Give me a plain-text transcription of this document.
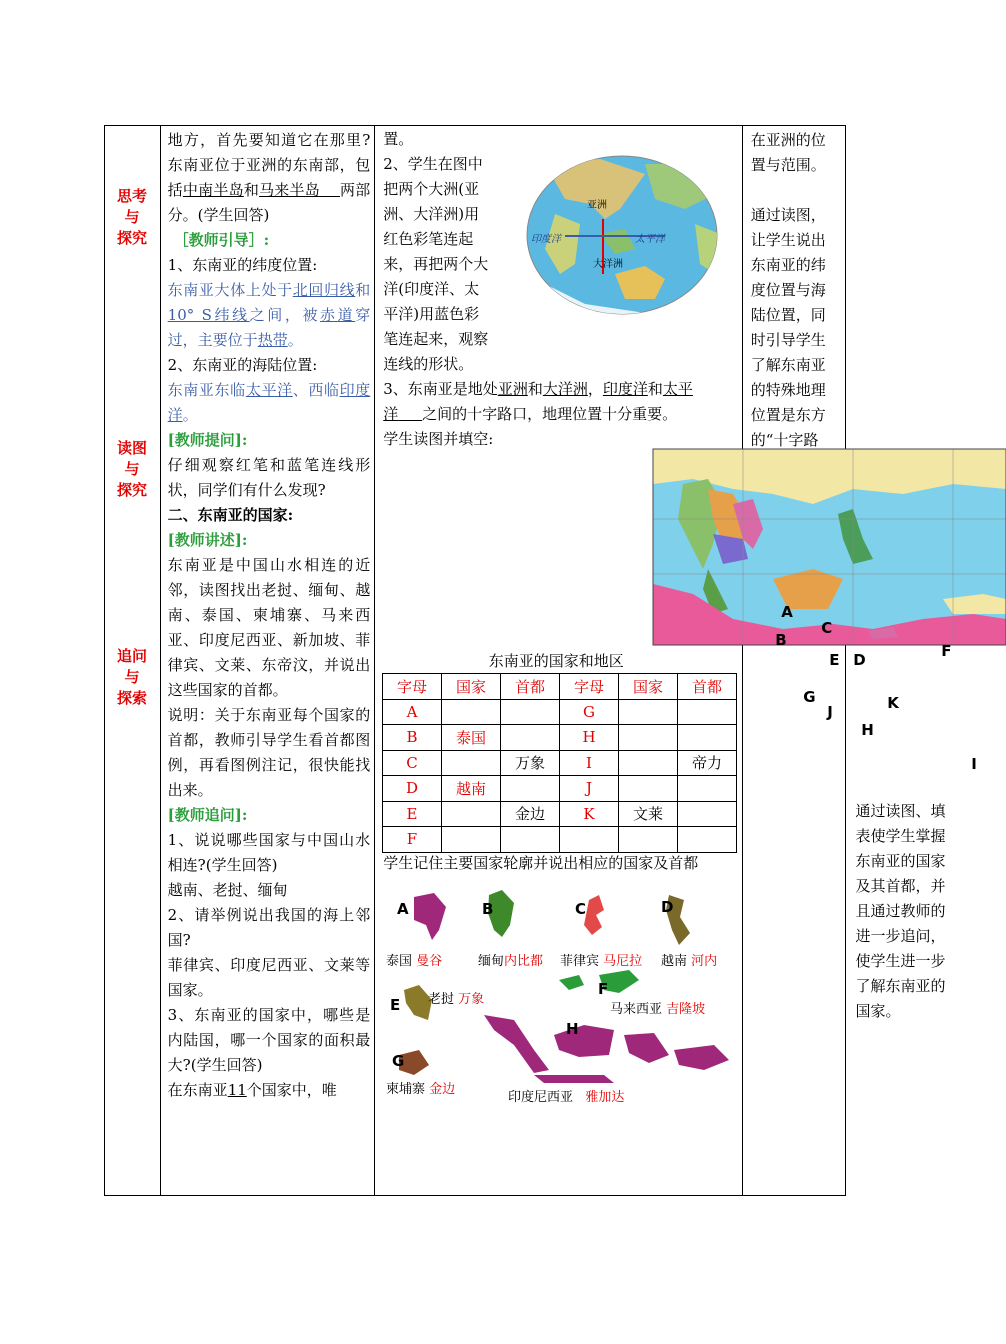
思考
与
探究
读图
与
探究
追问
与
探索

地方，首先要知道它在那里?东南亚位于亚洲的东南部，包括中南半岛和马来半岛 两部分。(学生回答)

［教师引导］:

1、东南亚的纬度位置:

东南亚大体上处于北回归线和10° S纬线之间，被赤道穿过，主要位于热带。

2、东南亚的海陆位置:

东南亚东临太平洋、西临印度洋。

[教师提问]:

仔细观察红笔和蓝笔连线形状，同学们有什么发现?

二、东南亚的国家:

[教师讲述]:

东南亚是中国山水相连的近邻，读图找出老挝、缅甸、越南、泰国、柬埔寨、马来西亚、印度尼西亚、新加坡、菲律宾、文莱、东帝汶，并说出这些国家的首都。

说明：关于东南亚每个国家的首都，教师引导学生看首都图例，再看图例注记，很快能找出来。

[教师追问]:

1、说说哪些国家与中国山水相连?(学生回答)

越南、老挝、缅甸

2、请举例说出我国的海上邻国?

菲律宾、印度尼西亚、文莱等国家。

3、东南亚的国家中，哪些是内陆国，哪一个国家的面积最大?(学生回答)

在东南亚11个国家中，唯

置。
2、学生在图中
把两个大洲(亚
洲、大洋洲)用
红色彩笔连起
来，再把两个大
洋(印度洋、太
平洋)用蓝色彩
笔连起来，观察
连线的形状。
亚洲
印度洋	太平洋
大洋洲
3、东南亚是地处亚洲和大洋洲，印度洋和太平洋 之间的十字路口，地理位置十分重要。
学生读图并填空:
A
B
C
D
E	F
G
H
I
J	K
东南亚的国家和地区
学生记住主要国家轮廓并说出相应的国家及首都

在亚洲的位置与范围。
通过读图，让学生说出东南亚的纬度位置与海陆位置，同时引导学生了解东南亚的特殊地理位置是东方的“十字路
通过读图、填表使学生掌握东南亚的国家及其首都，并且通过教师的进一步追问，使学生进一步了解东南亚的国家。
字母	国家	首都	字母	国家	首都
A			G		
B	泰国		H		
C		万象	I		帝力
D	越南		J		
E		金边	K	文莱	
F					
A
泰国 曼谷
B
缅甸内比都
C
菲律宾 马尼拉
D
越南 河内
E 老挝 万象
F
马来西亚 吉隆坡
G
柬埔寨 金边
H
印度尼西亚 雅加达
